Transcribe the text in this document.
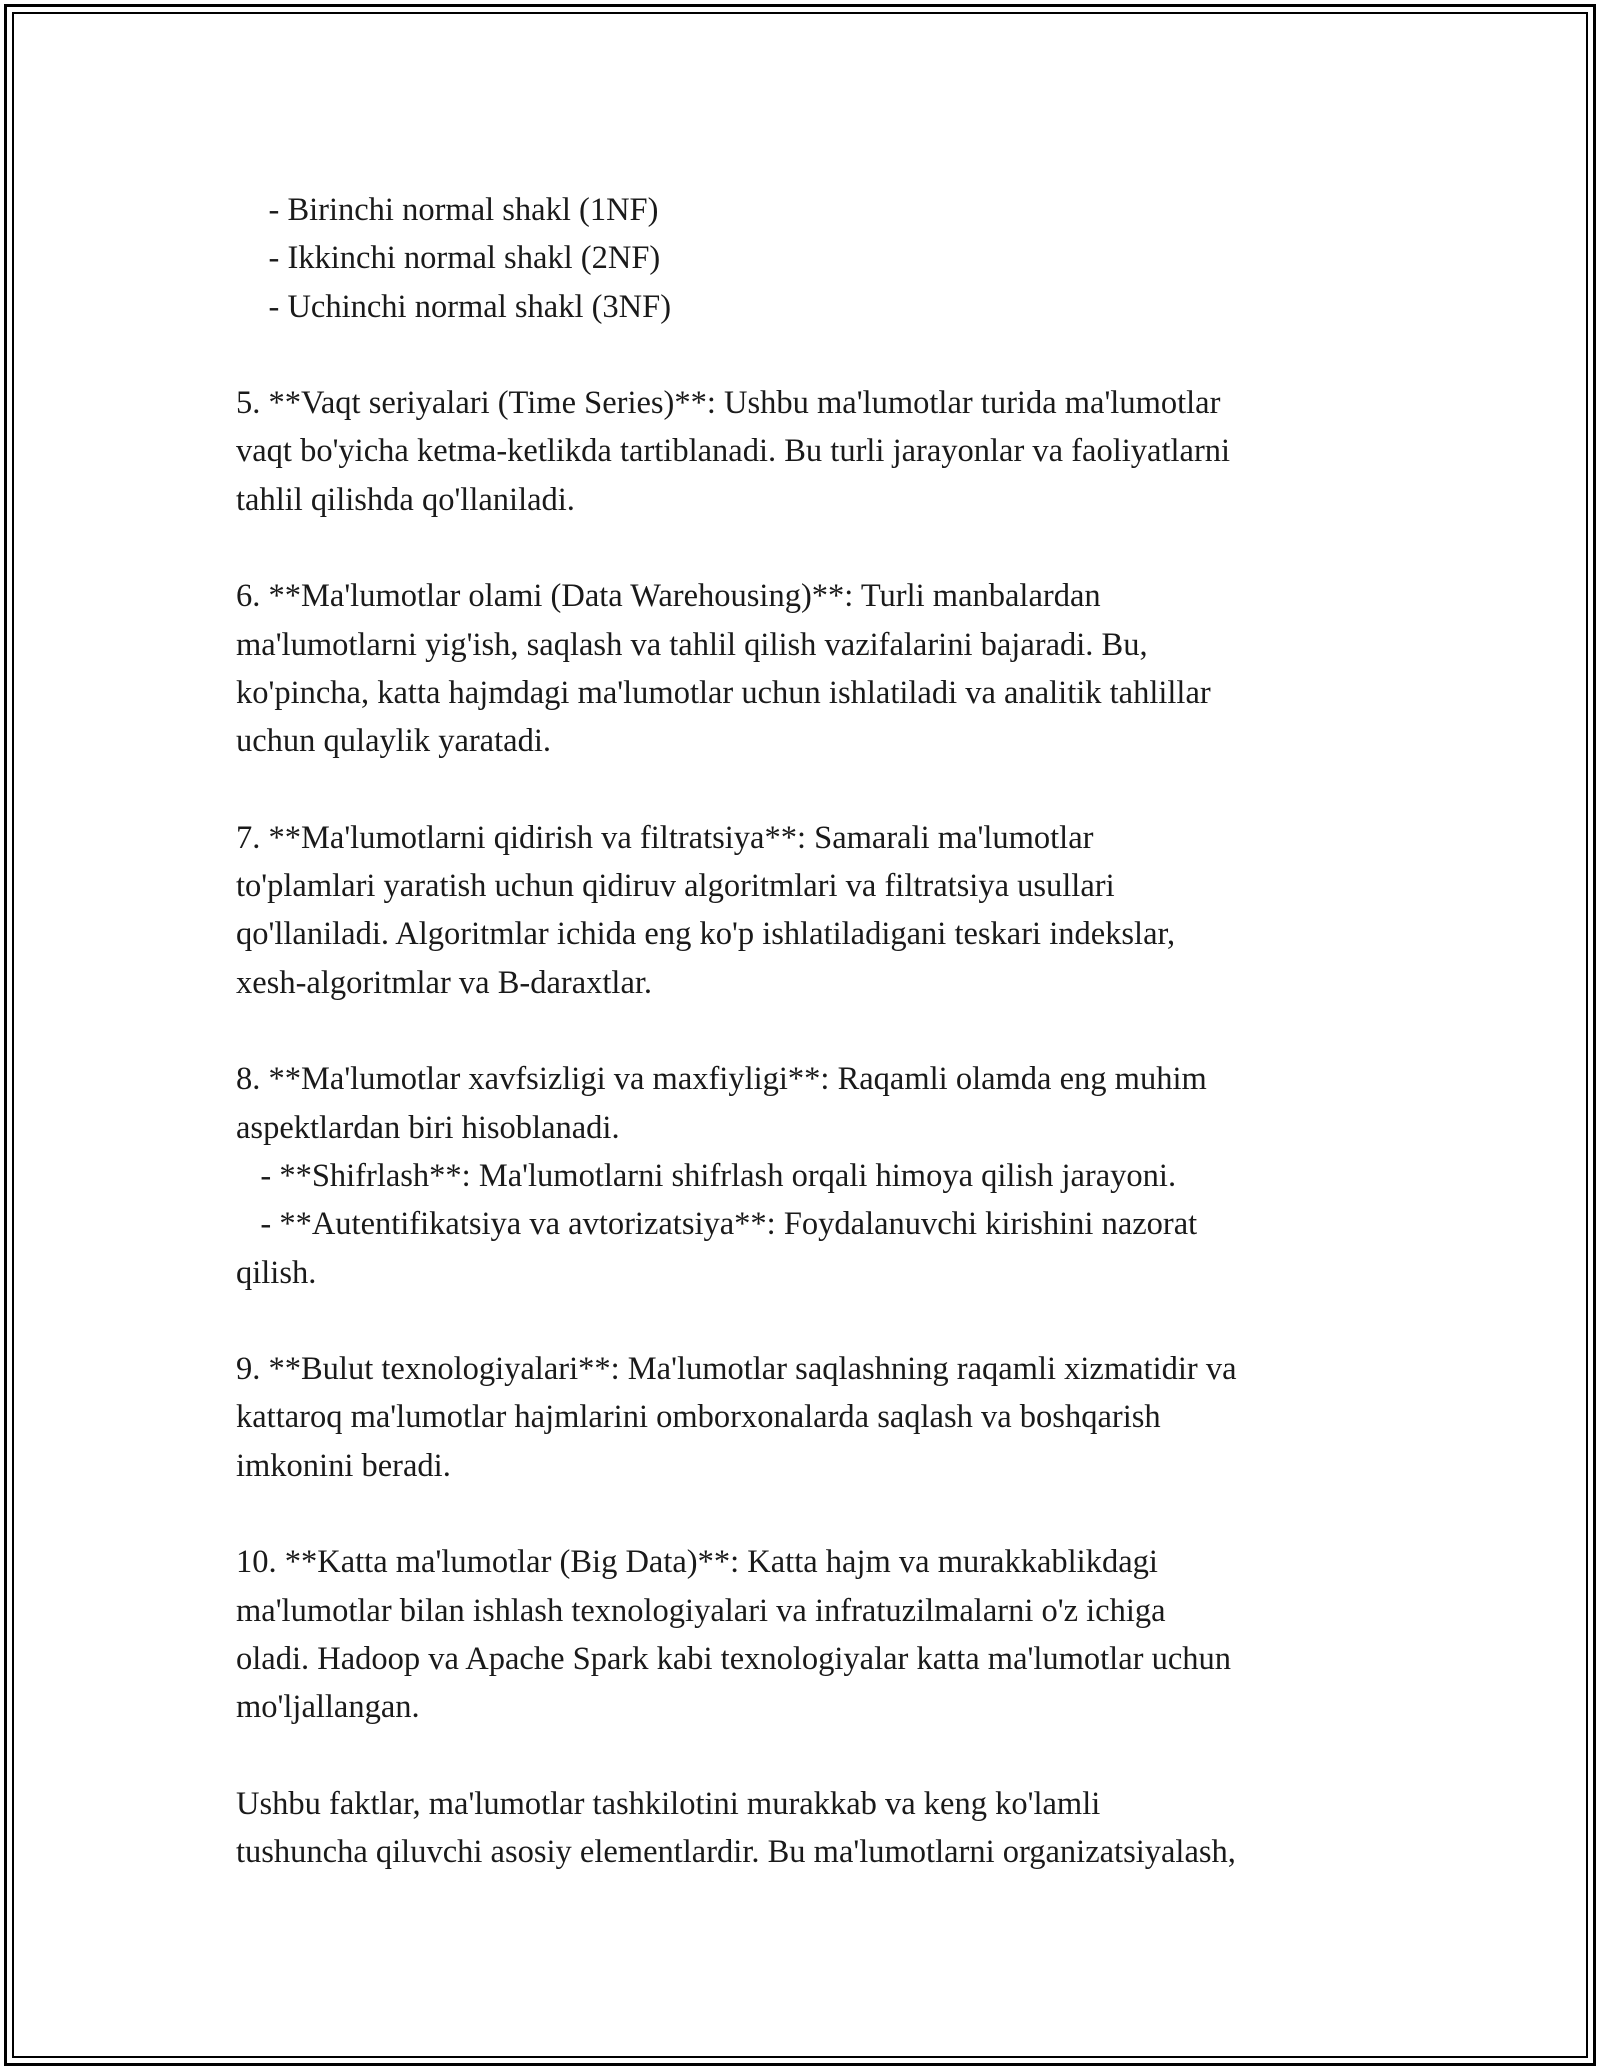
- Birinchi normal shakl (1NF)
- Ikkinchi normal shakl (2NF)
- Uchinchi normal shakl (3NF)
5. **Vaqt seriyalari (Time Series)**: Ushbu ma'lumotlar turida ma'lumotlar
vaqt bo'yicha ketma-ketlikda tartiblanadi. Bu turli jarayonlar va faoliyatlarni
tahlil qilishda qo'llaniladi.
6. **Ma'lumotlar olami (Data Warehousing)**: Turli manbalardan
ma'lumotlarni yig'ish, saqlash va tahlil qilish vazifalarini bajaradi. Bu,
ko'pincha, katta hajmdagi ma'lumotlar uchun ishlatiladi va analitik tahlillar
uchun qulaylik yaratadi.
7. **Ma'lumotlarni qidirish va filtratsiya**: Samarali ma'lumotlar
to'plamlari yaratish uchun qidiruv algoritmlari va filtratsiya usullari
qo'llaniladi. Algoritmlar ichida eng ko'p ishlatiladigani teskari indekslar,
xesh-algoritmlar va B-daraxtlar.
8. **Ma'lumotlar xavfsizligi va maxfiyligi**: Raqamli olamda eng muhim
aspektlardan biri hisoblanadi.
- **Shifrlash**: Ma'lumotlarni shifrlash orqali himoya qilish jarayoni.
- **Autentifikatsiya va avtorizatsiya**: Foydalanuvchi kirishini nazorat
qilish.
9. **Bulut texnologiyalari**: Ma'lumotlar saqlashning raqamli xizmatidir va
kattaroq ma'lumotlar hajmlarini omborxonalarda saqlash va boshqarish
imkonini beradi.
10. **Katta ma'lumotlar (Big Data)**: Katta hajm va murakkablikdagi
ma'lumotlar bilan ishlash texnologiyalari va infratuzilmalarni o'z ichiga
oladi. Hadoop va Apache Spark kabi texnologiyalar katta ma'lumotlar uchun
mo'ljallangan.
Ushbu faktlar, ma'lumotlar tashkilotini murakkab va keng ko'lamli
tushuncha qiluvchi asosiy elementlardir. Bu ma'lumotlarni organizatsiyalash,
